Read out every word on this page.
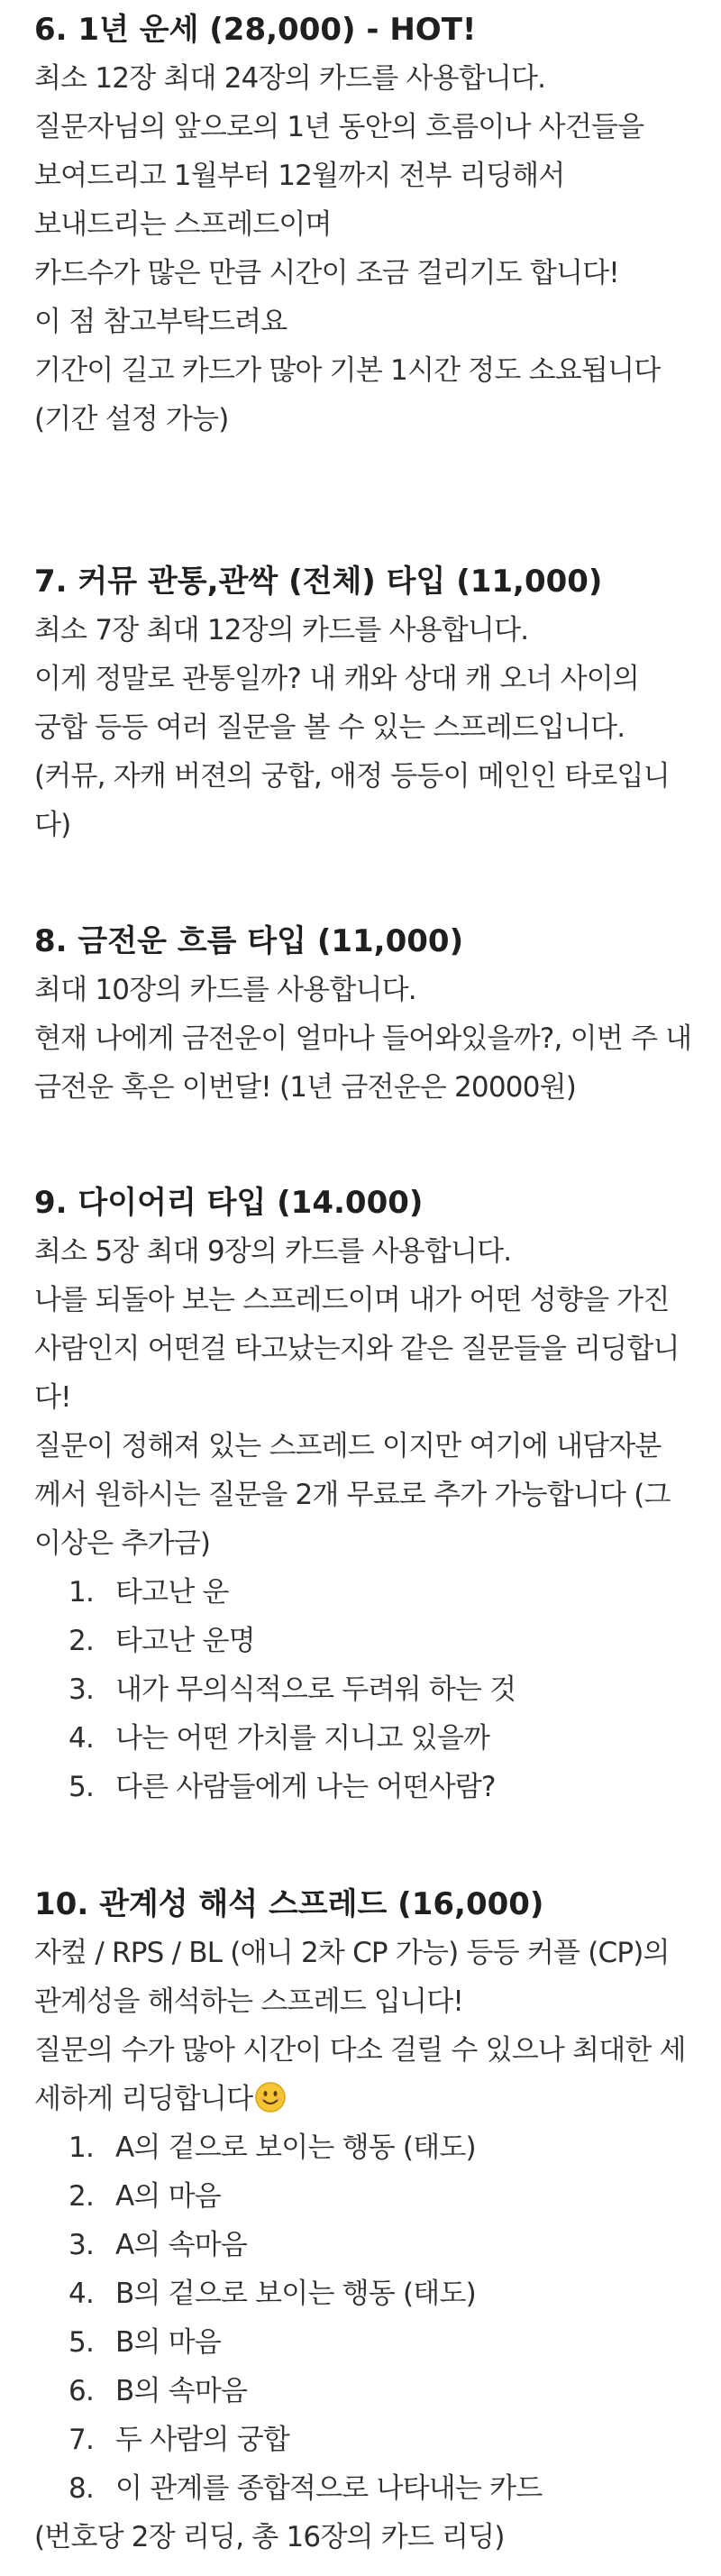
6. 1년 운세 (28,000) - HOT!

최소 12장 최대 24장의 카드를 사용합니다.

질문자님의 앞으로의 1년 동안의 흐름이나 사건들을 보여드리고 1월부터 12월까지 전부 리딩해서 보내드리는 스프레드이며

카드수가 많은 만큼 시간이 조금 걸리기도 합니다!

이 점 참고부탁드려요

기간이 길고 카드가 많아 기본 1시간 정도 소요됩니다

(기간 설정 가능)

7. 커뮤 관통,관싹 (전체) 타입 (11,000)

최소 7장 최대 12장의 카드를 사용합니다.

이게 정말로 관통일까? 내 캐와 상대 캐 오너 사이의 궁합 등등 여러 질문을 볼 수 있는 스프레드입니다.

(커뮤, 자캐 버젼의 궁합, 애정 등등이 메인인 타로입니다)

8. 금전운 흐름 타입 (11,000)

최대 10장의 카드를 사용합니다.

현재 나에게 금전운이 얼마나 들어와있을까?, 이번 주 내 금전운 혹은 이번달! (1년 금전운은 20000원)

9. 다이어리 타입 (14.000)

최소 5장 최대 9장의 카드를 사용합니다.

나를 되돌아 보는 스프레드이며 내가 어떤 성향을 가진 사람인지 어떤걸 타고났는지와 같은 질문들을 리딩합니다!

질문이 정해져 있는 스프레드 이지만 여기에 내담자분 께서 원하시는 질문을 2개 무료로 추가 가능합니다 (그 이상은 추가금)

1. 타고난 운
2. 타고난 운명
3. 내가 무의식적으로 두려워 하는 것
4. 나는 어떤 가치를 지니고 있을까
5. 다른 사람들에게 나는 어떤사람?
10. 관계성 해석 스프레드 (16,000)

자컾 / RPS / BL (애니 2차 CP 가능) 등등 커플 (CP)의 관계성을 해석하는 스프레드 입니다!

질문의 수가 많아 시간이 다소 걸릴 수 있으나 최대한 세세하게 리딩합니다

1. A의 겉으로 보이는 행동 (태도)
2. A의 마음
3. A의 속마음
4. B의 겉으로 보이는 행동 (태도)
5. B의 마음
6. B의 속마음
7. 두 사람의 궁합
8. 이 관계를 종합적으로 나타내는 카드

(번호당 2장 리딩, 총 16장의 카드 리딩)
